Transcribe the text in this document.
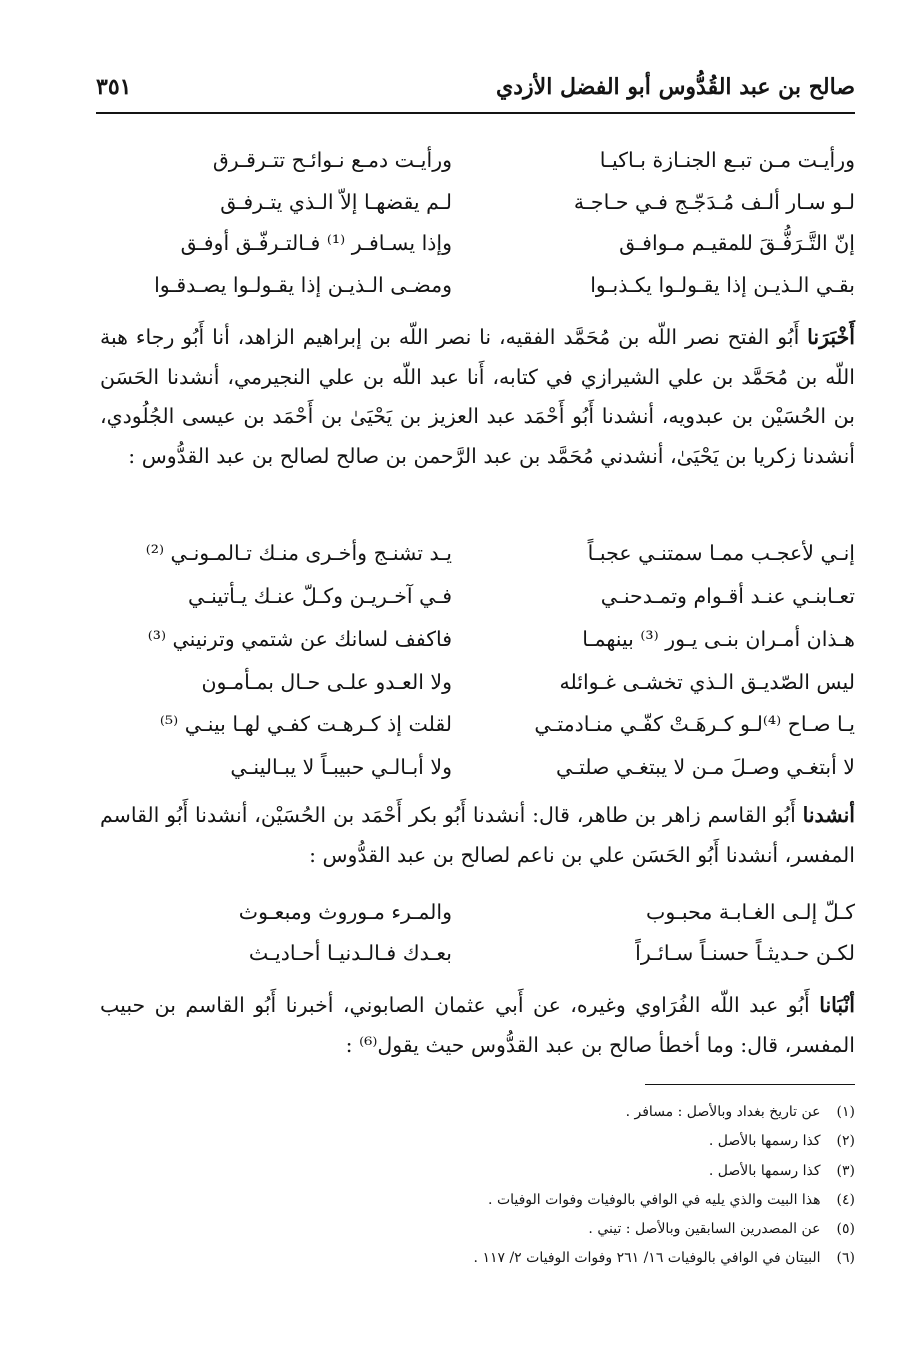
صالح بن عبد القُدُّوس أبو الفضل الأزدي
٣٥١
ورأيـت مـن تبـع الجنـازة بـاكيـا
ورأيـت دمـع نـوائـح تتـرقـرق
لـو سـار ألـف مُـدَجّـج فـي حـاجـة
لـم يقضهـا إلاّ الـذي يتـرفـق
إنّ التَّـرَفُّـقَ للمقيـم مـوافـق
وإذا يسـافـر ⁽¹⁾ فـالتـرفّـق أوفـق
بقـي الـذيـن إذا يقـولـوا يكـذبـوا
ومضـى الـذيـن إذا يقـولـوا يصـدقـوا
أَخْبَرَنا أَبُو الفتح نصر اللّه بن مُحَمَّد الفقيه، نا نصر اللّه بن إبراهيم الزاهد، أنا أَبُو رجاء هبة اللّه بن مُحَمَّد بن علي الشيرازي في كتابه، أَنا عبد اللّه بن علي النجيرمي، أنشدنا الحَسَن بن الحُسَيْن بن عبدويه، أنشدنا أَبُو أَحْمَد عبد العزيز بن يَحْيَىٰ بن أَحْمَد بن عيسى الجُلُودي، أنشدنا زكريا بن يَحْيَىٰ، أنشدني مُحَمَّد بن عبد الرَّحمن بن صالح لصالح بن عبد القدُّوس :
إنـي لأعجـب ممـا سمتنـي عجبـاً
يـد تشنـج وأخـرى منـك تـالمـونـي ⁽²⁾
تعـابنـي عنـد أقـوام وتمـدحنـي
فـي آخـريـن وكـلّ عنـك يـأتينـي
هـذان أمـران بنـى يـور ⁽³⁾ بينهمـا
فاكفف لسانك عن شتمي وترنيني ⁽³⁾
ليس الصّديـق الـذي تخشـى غـوائله
ولا العـدو علـى حـال بمـأمـون
يـا صـاح ⁽⁴⁾لـو كـرهَـتْ كفّـي منـادمتـي
لقلت إذ كـرهـت كفـي لهـا بينـي ⁽⁵⁾
لا أبتغـي وصـلَ مـن لا يبتغـي صلتـي
ولا أبـالـي حبيبـاً لا يبـالينـي
أنشدنا أَبُو القاسم زاهر بن طاهر، قال: أنشدنا أَبُو بكر أَحْمَد بن الحُسَيْن، أنشدنا أَبُو القاسم المفسر، أنشدنا أَبُو الحَسَن علي بن ناعم لصالح بن عبد القدُّوس :
كـلّ إلـى الغـابـة محبـوب
والمـرء مـوروث ومبعـوث
لكـن حـديثـاً حسنـاً سـائـراً
بعـدك فـالـدنيـا أحـاديـث
أنْبَانا أَبُو عبد اللّه الفُرَاوي وغيره، عن أَبي عثمان الصابوني، أخبرنا أَبُو القاسم بن حبيب المفسر، قال: وما أخطأ صالح بن عبد القدُّوس حيث يقول⁽⁶⁾ :
(١) عن تاريخ بغداد وبالأصل : مسافر .
(٢) كذا رسمها بالأصل .
(٣) كذا رسمها بالأصل .
(٤) هذا البيت والذي يليه في الوافي بالوفيات وفوات الوفيات .
(٥) عن المصدرين السابقين وبالأصل : تيني .
(٦) البيتان في الوافي بالوفيات ١٦/ ٢٦١ وفوات الوفيات ٢/ ١١٧ .
